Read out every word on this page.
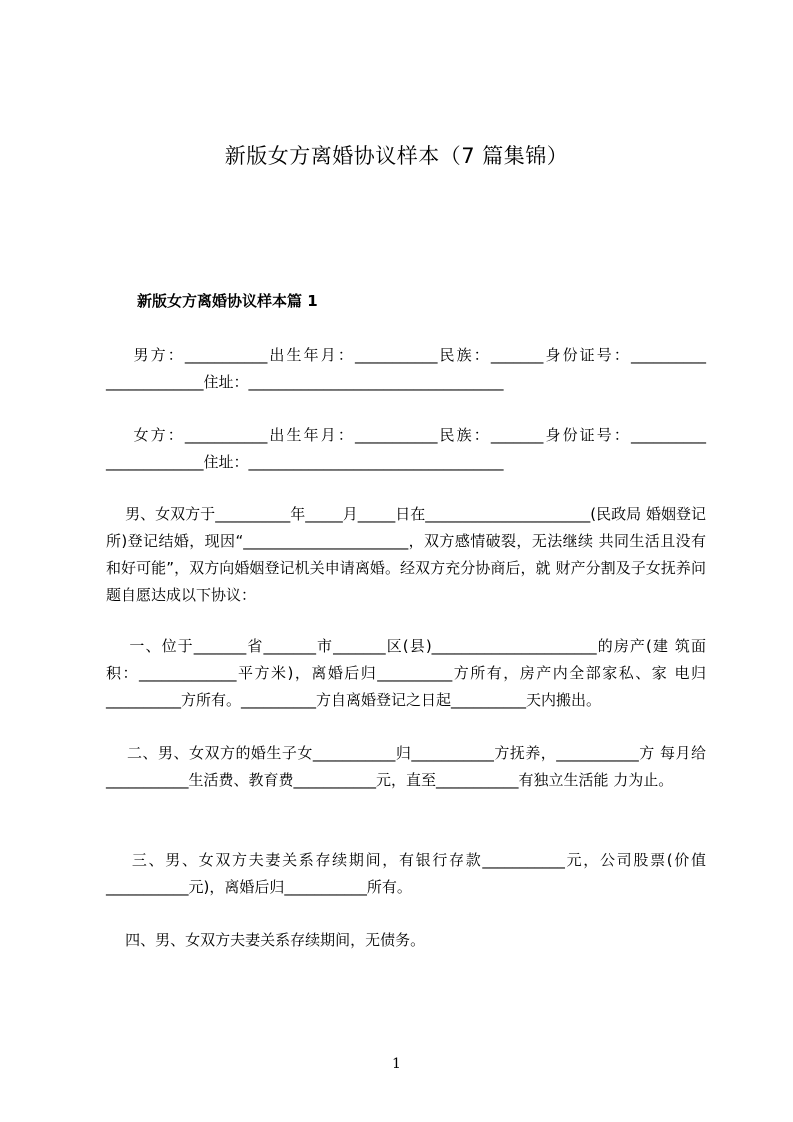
新版女方离婚协议样本（7 篇集锦）
新版女方离婚协议样本篇 1
男方：___________出生年月：___________民族：_______身份证号：__________ _____________住址：__________________________________
女方：___________出生年月：___________民族：_______身份证号：__________ _____________住址：__________________________________
男、女双方于__________年_____月_____日在______________________(民政局 婚姻登记所)登记结婚，现因“______________________，双方感情破裂，无法继续 共同生活且没有和好可能”，双方向婚姻登记机关申请离婚。经双方充分协商后，就 财产分割及子女抚养问题自愿达成以下协议：
一、位于_______省_______市_______区(县)______________________的房产(建 筑面积：_____________平方米)，离婚后归__________方所有，房产内全部家私、家 电归__________方所有。__________方自离婚登记之日起__________天内搬出。
二、男、女双方的婚生子女___________归___________方抚养，___________方 每月给___________生活费、教育费___________元，直至___________有独立生活能 力为止。
三、男、女双方夫妻关系存续期间，有银行存款___________元，公司股票(价值 ___________元)，离婚后归___________所有。
四、男、女双方夫妻关系存续期间，无债务。
1
